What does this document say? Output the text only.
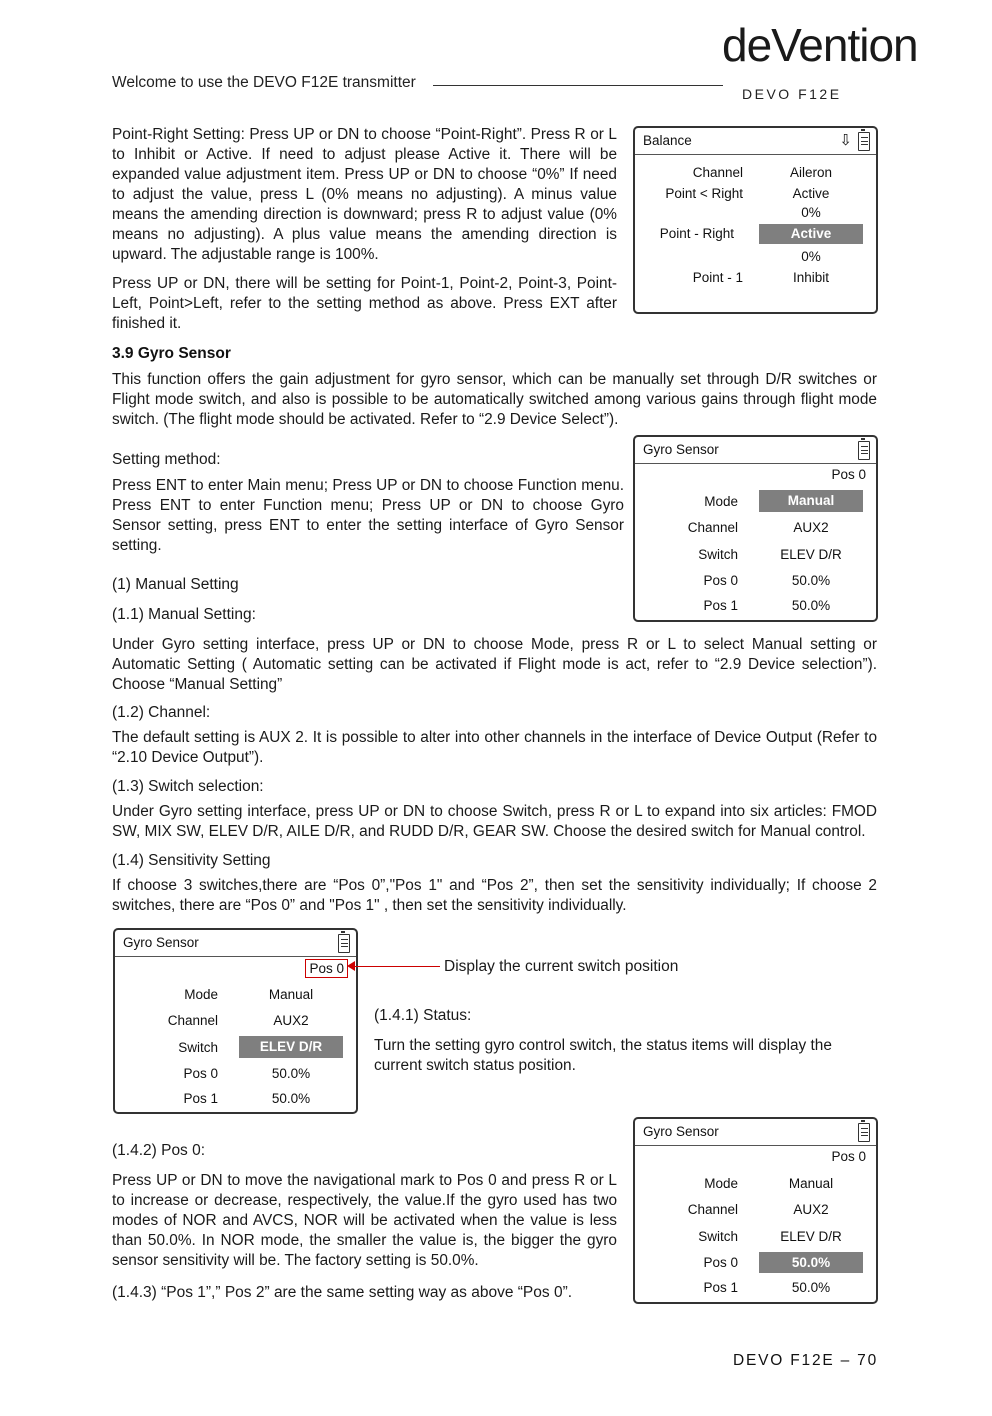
Welcome to use the DEVO F12E transmitter
deVention
DEVO F12E
Point-Right Setting: Press UP or DN to choose “Point-Right”. Press R or L to Inhibit or Active. If need to adjust please Active it. There will be expanded value adjustment item. Press UP or DN to choose “0%” If need to adjust the value, press L (0% means no adjusting). A minus value means the amending direction is downward; press R to adjust value (0% means no adjusting). A plus value means the amending direction is upward. The adjustable range is 100%.
Press UP or DN, there will be setting for Point-1, Point-2, Point-3, Point-Left, Point>Left, refer to the setting method as above. Press EXT after finished it.
Balance	⇩
Channel	Aileron
Point < Right	Active
0%
Point - Right	Active
0%
Point - 1	Inhibit
3.9 Gyro Sensor
This function offers the gain adjustment for gyro sensor, which can be manually set through D/R switches or Flight mode switch, and also is possible to be automatically switched among various gains through flight mode switch. (The flight mode should be activated. Refer to “2.9 Device Select”).
Setting method:
Press ENT to enter Main menu; Press UP or DN to choose Function menu. Press ENT to enter Function menu; Press UP or DN to choose Gyro Sensor setting, press ENT to enter the setting interface of Gyro Sensor setting.
(1) Manual Setting
(1.1) Manual Setting:
Gyro Sensor
Pos 0
Mode	Manual
Channel	AUX2
Switch	ELEV D/R
Pos 0	50.0%
Pos 1	50.0%
Under Gyro setting interface, press UP or DN to choose Mode, press R or L to select Manual setting or Automatic Setting ( Automatic setting can be activated if Flight mode is act, refer to “2.9 Device selection”). Choose “Manual Setting”
(1.2) Channel:
The default setting is AUX 2. It is possible to alter into other channels in the interface of Device Output (Refer to “2.10 Device Output”).
(1.3) Switch selection:
Under Gyro setting interface, press UP or DN to choose Switch, press R or L to expand into six articles: FMOD SW, MIX SW, ELEV D/R, AILE D/R, and RUDD D/R, GEAR SW. Choose the desired switch for Manual control.
(1.4) Sensitivity Setting
If choose 3 switches,there are “Pos 0”,"Pos 1" and “Pos 2”, then set the sensitivity individually; If choose 2 switches, there are “Pos 0” and "Pos 1" , then set the sensitivity individually.
Gyro Sensor
Pos 0
Mode	Manual
Channel	AUX2
Switch	ELEV D/R
Pos 0	50.0%
Pos 1	50.0%
Display the current switch position
(1.4.1) Status:
Turn the setting gyro control switch, the status items will display the current switch status position.
Gyro Sensor
Pos 0
Mode	Manual
Channel	AUX2
Switch	ELEV D/R
Pos 0	50.0%
Pos 1	50.0%
(1.4.2) Pos 0:
Press UP or DN to move the navigational mark to Pos 0 and press R or L to increase or decrease, respectively, the value.If the gyro used has two modes of NOR and AVCS, NOR will be activated when the value is less than 50.0%. In NOR mode, the smaller the value is, the bigger the gyro sensor sensitivity will be. The factory setting is 50.0%.
(1.4.3) “Pos 1”,” Pos 2” are the same setting way as above “Pos 0”.
DEVO F12E – 70
